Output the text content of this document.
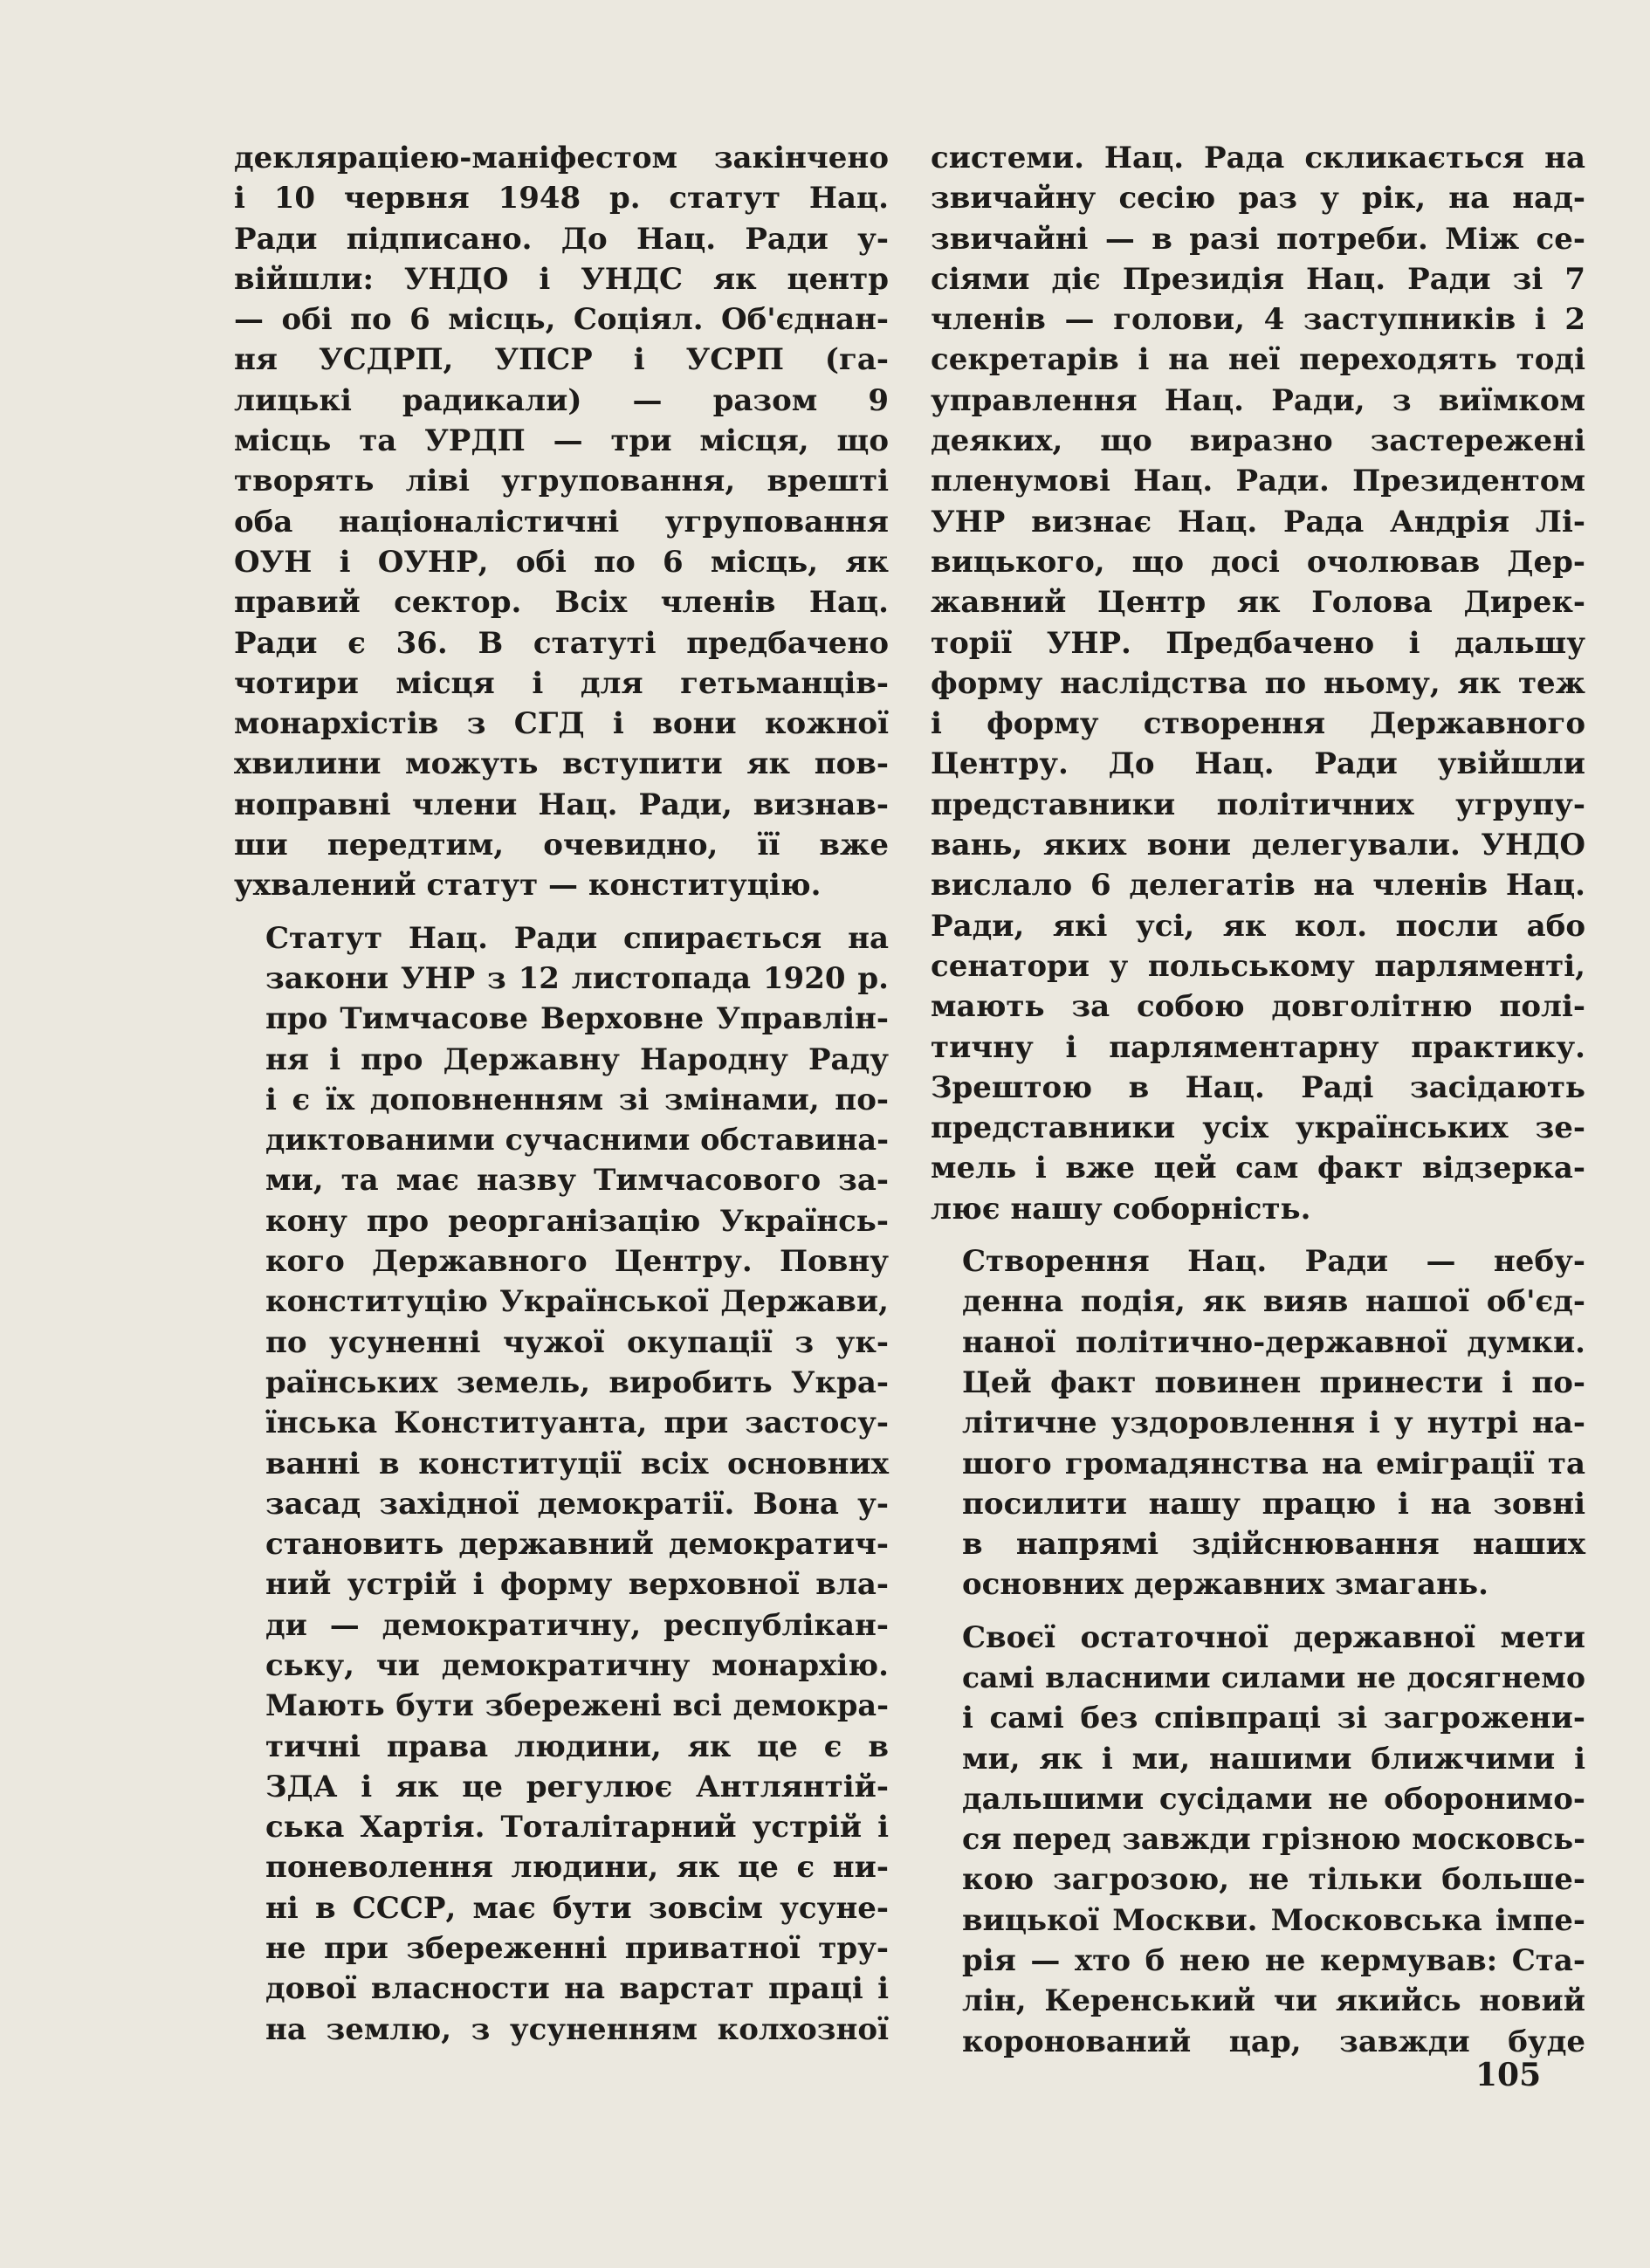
декляраціею-маніфестом закінчено
і 10 червня 1948 р. статут Нац.
Ради підписано. До Нац. Ради у-
війшли: УНДО і УНДС як центр
— обі по 6 місць, Соціял. Об'єднан-
ня УСДРП, УПСР і УСРП (га-
лицькі радикали) — разом 9
місць та УРДП — три місця, що
творять ліві угруповання, врешті
оба націоналістичні угруповання
ОУН і ОУНР, обі по 6 місць, як
правий сектор. Всіх членів Нац.
Ради є 36. В статуті предбачено
чотири місця і для гетьманців-
монархістів з СГД і вони кожної
хвилини можуть вступити як пов-
ноправні члени Нац. Ради, визнав-
ши передтим, очевидно, її вже
ухвалений статут — конституцію.

Статут Нац. Ради спирається на
закони УНР з 12 листопада 1920 р.
про Тимчасове Верховне Управлін-
ня і про Державну Народну Раду
і є їх доповненням зі змінами, по-
диктованими сучасними обставина-
ми, та має назву Тимчасового за-
кону про реорганізацію Українсь-
кого Державного Центру. Повну
конституцію Української Держави,
по усуненні чужої окупації з ук-
раїнських земель, виробить Укра-
їнська Конституанта, при застосу-
ванні в конституції всіх основних
засад західної демократії. Вона у-
становить державний демократич-
ний устрій і форму верховної вла-
ди — демократичну, республікан-
ську, чи демократичну монархію.
Мають бути збережені всі демокра-
тичні права людини, як це є в
ЗДА і як це регулює Антлянтій-
ська Хартія. Тоталітарний устрій і
поневолення людини, як це є ни-
ні в СССР, має бути зовсім усуне-
не при збереженні приватної тру-
дової власности на варстат праці і
на землю, з усуненням колхозної

системи. Нац. Рада скликається на
звичайну сесію раз у рік, на над-
звичайні — в разі потреби. Між се-
сіями діє Президія Нац. Ради зі 7
членів — голови, 4 заступників і 2
секретарів і на неї переходять тоді
управлення Нац. Ради, з виїмком
деяких, що виразно застережені
пленумові Нац. Ради. Президентом
УНР визнає Нац. Рада Андрія Лі-
вицького, що досі очолював Дер-
жавний Центр як Голова Дирек-
торії УНР. Предбачено і дальшу
форму наслідства по ньому, як теж
і форму створення Державного
Центру. До Нац. Ради увійшли
представники політичних угрупу-
вань, яких вони делегували. УНДО
вислало 6 делегатів на членів Нац.
Ради, які усі, як кол. посли або
сенатори у польському парляменті,
мають за собою довголітню полі-
тичну і парляментарну практику.
Зрештою в Нац. Раді засідають
представники усіх українських зе-
мель і вже цей сам факт відзеркa-
лює нашу соборність.

Створення Нац. Ради — небу-
денна подія, як вияв нашої об'єд-
наної політично-державної думки.
Цей факт повинен принести і по-
літичне уздоровлення і у нутрі на-
шого громадянства на еміграції та
посилити нашу працю і на зовні
в напрямі здійснювання наших
основних державних змагань.

Своєї остаточної державної мети
самі власними силами не досягнемо
і самі без співпраці зі загрожени-
ми, як і ми, нашими ближчими і
дальшими сусідами не оборонимо-
ся перед завжди грізною московсь-
кою загрозою, не тільки больше-
вицької Москви. Московська імпе-
рія — хто б нею не кермував: Ста-
лін, Керенський чи якийсь новий
коронований цар, завжди буде

105
